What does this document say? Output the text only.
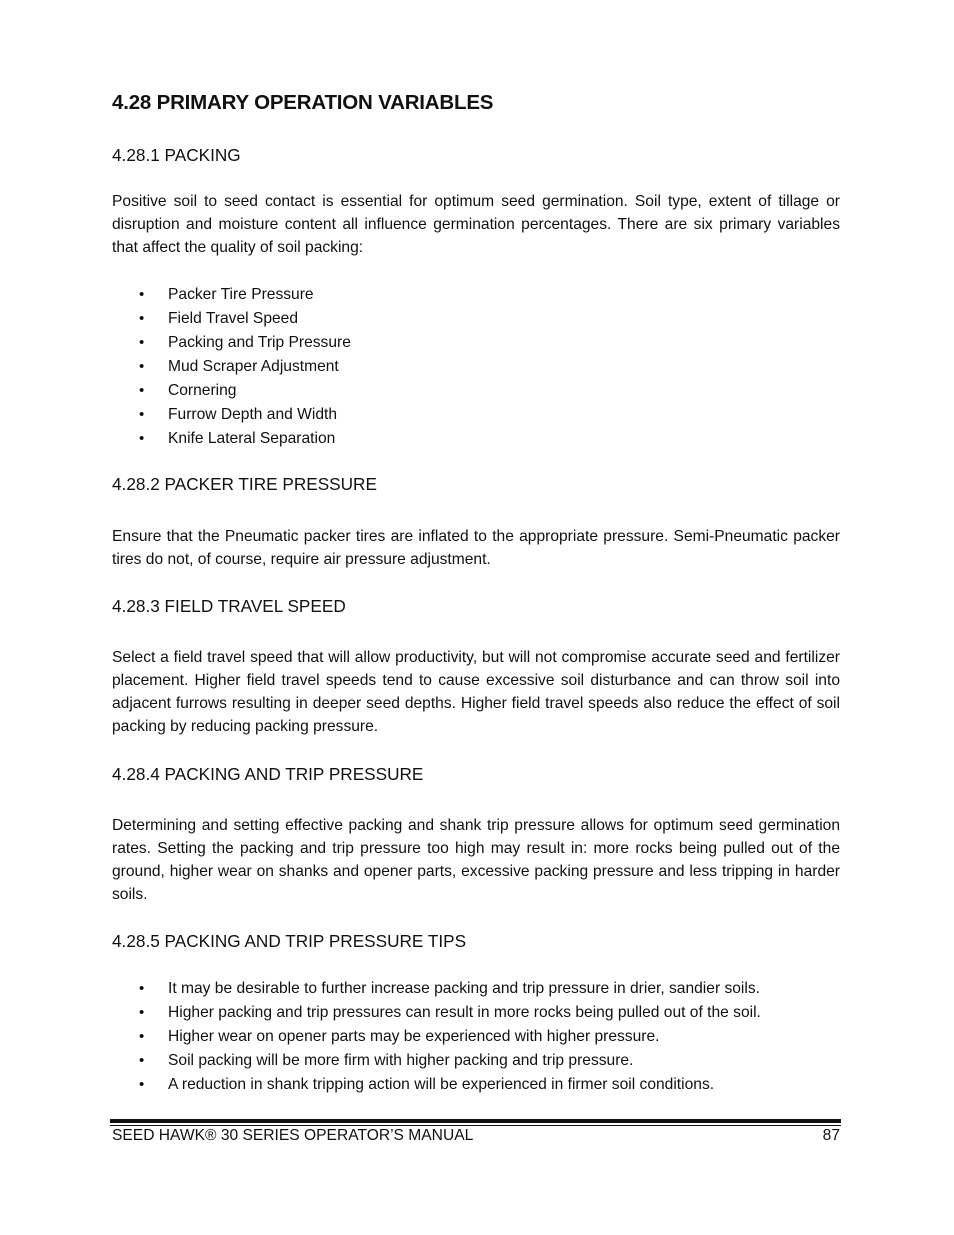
4.28 PRIMARY OPERATION VARIABLES
4.28.1 PACKING
Positive soil to seed contact is essential for optimum seed germination. Soil type, extent of tillage or disruption and moisture content all influence germination percentages. There are six primary variables that affect the quality of soil packing:
• Packer Tire Pressure
• Field Travel Speed
• Packing and Trip Pressure
• Mud Scraper Adjustment
• Cornering
• Furrow Depth and Width
• Knife Lateral Separation
4.28.2 PACKER TIRE PRESSURE
Ensure that the Pneumatic packer tires are inflated to the appropriate pressure. Semi-Pneumatic packer tires do not, of course, require air pressure adjustment.
4.28.3 FIELD TRAVEL SPEED
Select a field travel speed that will allow productivity, but will not compromise accurate seed and fertilizer placement. Higher field travel speeds tend to cause excessive soil disturbance and can throw soil into adjacent furrows resulting in deeper seed depths. Higher field travel speeds also reduce the effect of soil packing by reducing packing pressure.
4.28.4 PACKING AND TRIP PRESSURE
Determining and setting effective packing and shank trip pressure allows for optimum seed germination rates. Setting the packing and trip pressure too high may result in: more rocks being pulled out of the ground, higher wear on shanks and opener parts, excessive packing pressure and less tripping in harder soils.
4.28.5 PACKING AND TRIP PRESSURE TIPS
• It may be desirable to further increase packing and trip pressure in drier, sandier soils.
• Higher packing and trip pressures can result in more rocks being pulled out of the soil.
• Higher wear on opener parts may be experienced with higher pressure.
• Soil packing will be more firm with higher packing and trip pressure.
• A reduction in shank tripping action will be experienced in firmer soil conditions.
SEED HAWK® 30 SERIES OPERATOR’S MANUAL	87
